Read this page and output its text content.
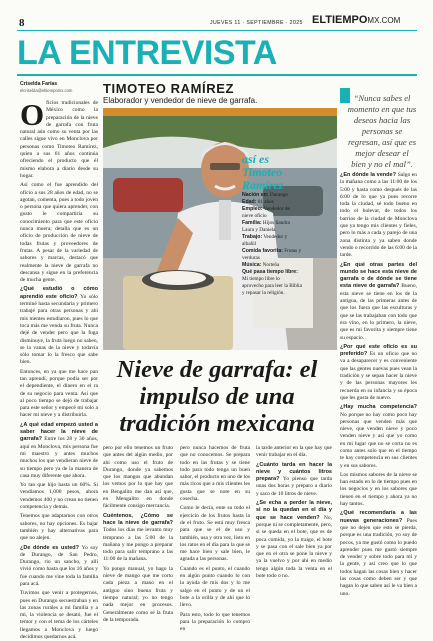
8	JUEVES 11 · SEPTIEMBRE · 2025 ELTIEMPOMX.COM
LA ENTREVISTA
Criselda Farías
elcriselda@eltiempomx.com TIMOTEO RAMÍREZ
Elaborador y vendedor de nieve de garrafa.	“Nunca sabes el momento en que tus deseos hacia las personas se regresan, así que es mejor desear el bien y no el mal”.
así es Timoteo Ramírez
Nación en: Durango
Edad: 61 años
Empleo: Vendedor de nieve oficio
Familia: Hijos Sandra Laura y Daniela
Trabajo: Vendedor y albañil
Comida favorita: Frutas y verduras
Música: Norteña
Qué pasa tiempo libre: Mi tiempo libre lo aprovecho para leer la Biblia y repasar la religión.
Nieve de garrafa: el impulso de una tradición mexicana

Oficios tradicionales de México como la preparación de la nieve de garrafa con fruta natural aún como su venta por las calles sigue vivo en Monclova por personas como Timoteo Ramírez, quien a sus 61 años continúa ofreciendo el producto que él mismo elabora a diario desde su hogar.

Así como el fue aprendido del oficio a sus 28 años de edad, no se agotan, comenta, pues a todo joven o persona que quiera aprender, con gusto le compartiría su conocimiento para que este oficio nunca muera; detalla que es un oficio de producción de nieve de todas frutas y proveedores de frutas. A pesar de la variedad de sabores y marcas, destacó que realmente la nieve de garrafa no descansa y sigue en la preferencia de mucha gente.

¿Qué estudió o cómo aprendió este oficio? Yo sólo terminé hasta secundaria y primero trabajé para otras personas y ahí mis mentes estudiaron, pues lo que toca más me venda su fruta. Nunca dejé de vender pero que la fuga disminuye, la fruta luego no saben, se la vanas de la nieve y todavía sólo tomar lo la fresco que sabe bien.

Entonces, en ya que me hace pan tan aprendí, porque podía ser por el dependiente, el dinero en el ra de su negocio para venta. Así que al poco tiempo se dejó de trabajar para este señor y empecé mi solo a hacer mi nieve y a distribuirla.

¿A qué edad empezó usted a saber hacer la nieve de garrafa? Entre los 28 y 30 años, aquí en Monclova, mis persona fue mi maestro y antes muchos muchos los que vendieran nieve de su tiempo pero ya de la manera de casa muy diferente que ahora.

Yo tan que hijo hasta un 60%. Si vendíamos 1,000 pesos, ahora vendemos 400 y no crean no tienen competencia y demás.

Tenemos que adaptarnos con otros sabores, no hay opciones. Es bajar también y hay alternativas para que no alejen.

¿De dónde es usted? Yo soy de Durango, de San Pedro, Durango, rio un sancho, y allí vivió como hasta que los 16 años y fue cuando me vine toda la familia para acá.

Tuvimos que venir a protegernos, pues en Durango secuestraban y en las zonas rurales a mi familia y a mi, la violencia se desató, fue el temor y con el tema de los cárteles llegamos a Monclova y luego decidimos quedarnos acá.

pero por ello tenemos un fruto que antes del algún medio, por ahí como uso el fruto de Durango, donde ya sabemos que los mangos que abundan los vemos por lo que hay que en Bengalito me dan así que, en Mengalito en donde fácilmente consigo mercancía.

Cuéntenos, ¿Cómo se hace la nieve de garrafa? Todos los días me levanto muy temprano a las 5:00 de la mañana y me pongo a preparar todo para salir temprano a las 11:00 de la mañana.

Yo pongo manual, yo hago la nieve de mango que me corto cada pieza a mano en el antiguo sino buena fruta y tiempo natural; yo no tengo nada mejor en procesos. Generalmente como sé la fruta de la temporada.

pero nunca hacemos de fruta que no conocemos. Se prepara todo en las frutas y se tiene todo para todo tenga un buen sabor, el producto en uno de los más ricos que a mis clientes les gusta que se note en su cosecha.

Como le decía, ente su todo el ejercicio de los frutos hasta la de el fruto. Se está muy fresca para que se el de uso y también, usa y otra vez, listo en los ratos en el día para la que se me hace bien y sale bien, le agrada a las personas.

Cuando es el punto, el cuando en algún punto cuando lo con la ayuda de mis dos y lo me salgo en el punto y de un el bote a la orilla y de ahí que lo llevo.

Para esto, todo lo que tenemos para la preparación lo compro en

la tarde anterior en la que hay que venir trabajar en el día.

¿Cuánto tarda en hacer la nieve y cuántos litros prepara? Yo pienso que tarda unas dos horas y preparo a diario y saco de 10 litros de nieve.

¿Se echa a perder la nieve, si no la quedan en el día y que se hace venden? No, porque ni se completamente, pero, si se queda en el bote, que es de poca comida, yo la traigo, el bote y se pasa con el sale bien ya por que en el otra se pone la nieve y ya la vuelvo y por ahí en medio tengo algún toda la venta en el bote todo o no.

¿En dónde la vende? Salgo en la mañana como a las 11:00 de los 5:00 y hasta como después de las 6:00 de lo que ya pues recorre toda la ciudad, sé todo bueno en todo el bulevar, de todos los barrios de la ciudad de Monclova que ya tengo mis clientes y fieles, pero lo más a cada y parejo de una zona distinta y ya saben donde vendo o recorrido de las 6:00 de la tarde.

¿En qué otras partes del mundo se hace esta nieve de garrafa o de dónde se tiene esta nieve de garrafa? Bueno, esta nieve se tiene en los de la antigua, de las primeras antes de que los fuera que las esculturas y que se las trabajaban con todo que era vino, en lo primero, la nieve, que es mi favorita y siempre tiene su espacio.

¿Por qué este oficio es su preferido? Es un oficio que no va a desaparecer y es conveniente que las gentes nuevas pues vean la tradición y se sepan hacer la nieve y de las personas mayores les recuerda en su infancia y su época que les gusta de nuevo.

¿Hay mucha competencia? No porque no hay como poco hay personas que venden más que nieve, que venden nieve y poco venden nieve y así que yo como en mi lugar que no se corta no es como antes solo que en el tiempo te hay competencia en sus clientes y en sus sabores.

Los mismos sabores de la nieve se han estado en lo de tiempo pues en los negocios y en los sabores que tienen en el tiempo y ahora ya no hay tantos.

¿Qué recomendaría a las nuevas generaciones? Pues que no dejen que esto se pierda, porque es una tradición, yo soy de pocos, ya me gustó como lo puedo aprender pues me gustó siempre de vender y sobre todo para mi y la gente, y así creo que lo que todos hagan las cosas bien y hacer las cosas como deben ser y que hagan lo que saben así le va bien a uno.
